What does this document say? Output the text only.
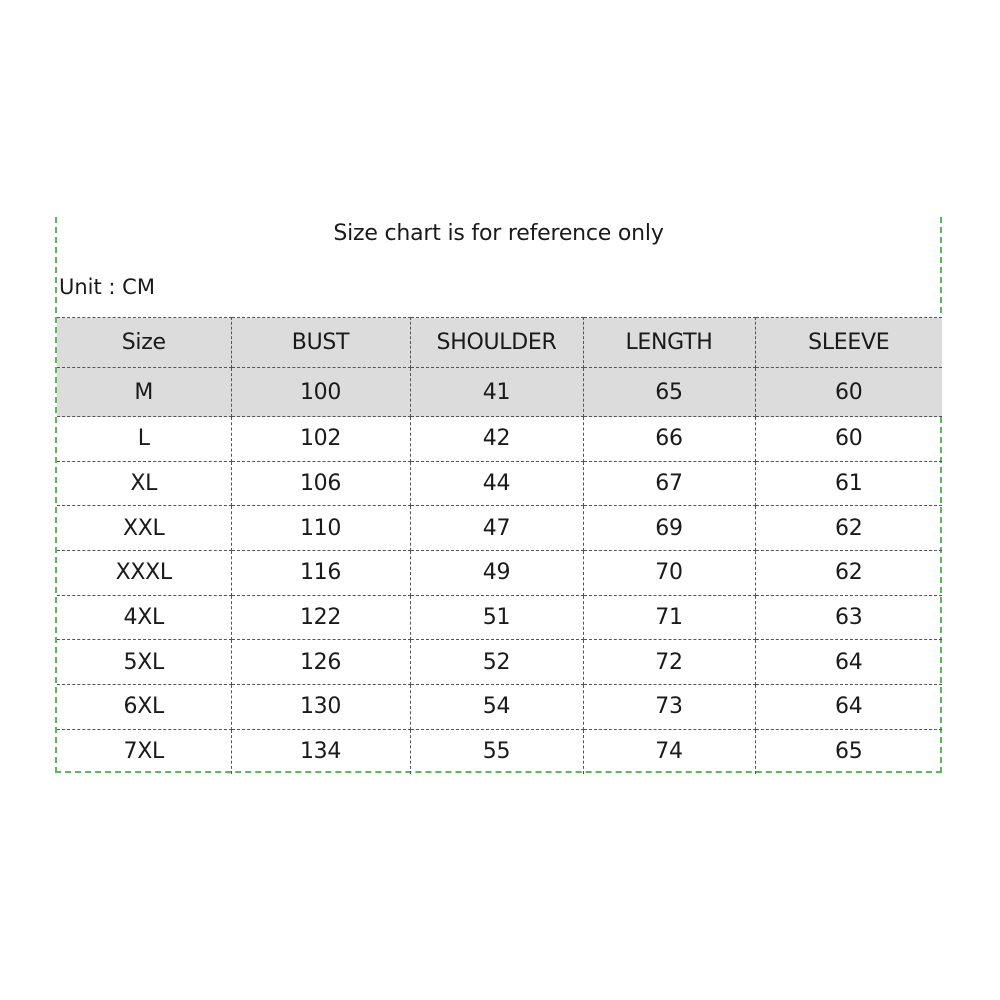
Size chart is for reference only
Unit : CM
Size	BUST	SHOULDER	LENGTH	SLEEVE
M	100	41	65	60
L	102	42	66	60
XL	106	44	67	61
XXL	110	47	69	62
XXXL	116	49	70	62
4XL	122	51	71	63
5XL	126	52	72	64
6XL	130	54	73	64
7XL	134	55	74	65
